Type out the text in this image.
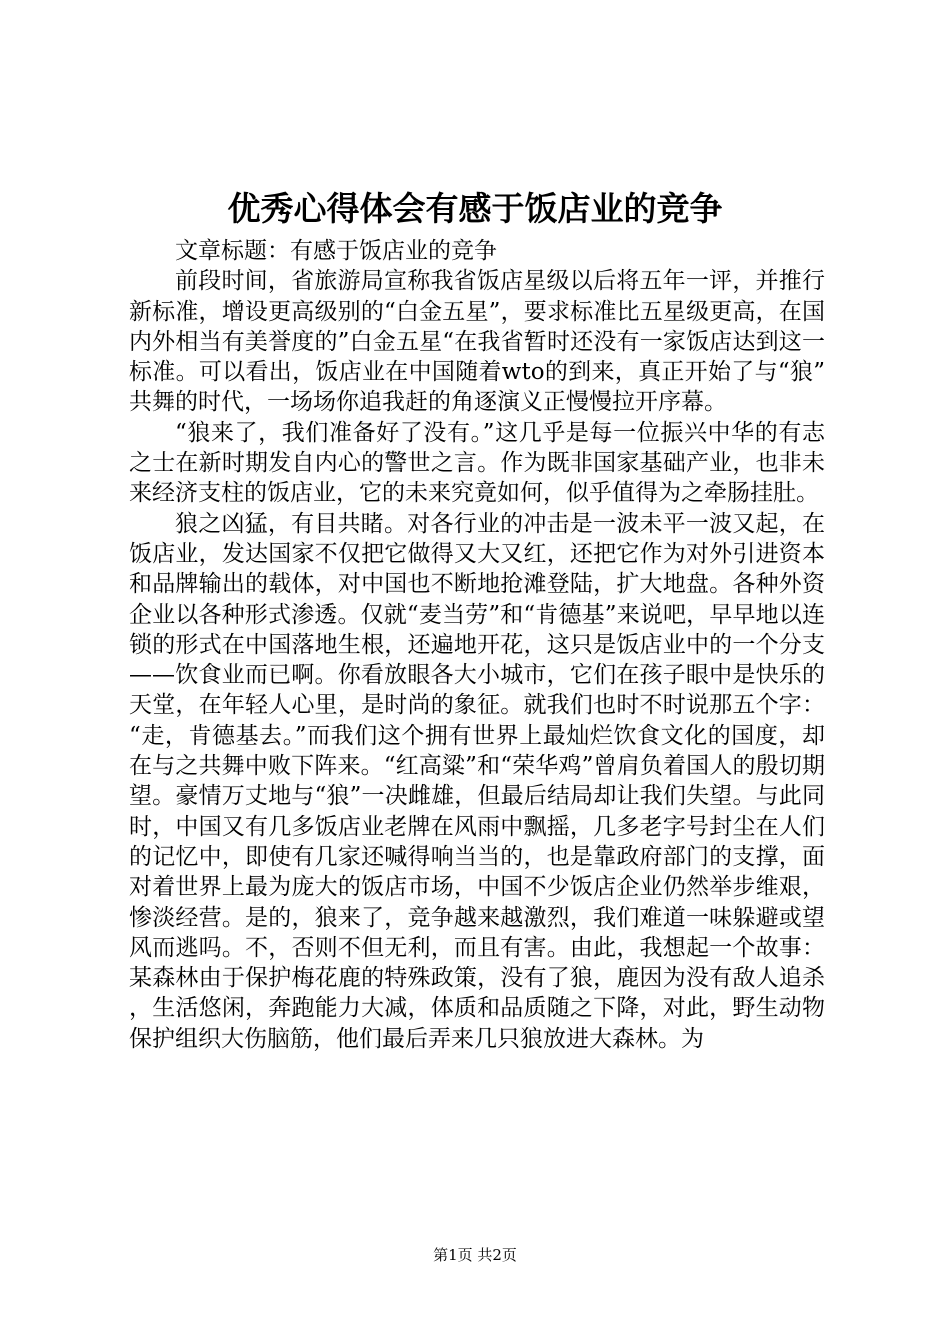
优秀心得体会有感于饭店业的竞争

文章标题：有感于饭店业的竞争

前段时间，省旅游局宣称我省饭店星级以后将五年一评，并推行新标准，增设更高级别的“白金五星”，要求标准比五星级更高，在国内外相当有美誉度的”白金五星“在我省暂时还没有一家饭店达到这一标准。可以看出，饭店业在中国随着wto的到来，真正开始了与“狼”共舞的时代，一场场你追我赶的角逐演义正慢慢拉开序幕。

“狼来了，我们准备好了没有。”这几乎是每一位振兴中华的有志之士在新时期发自内心的警世之言。作为既非国家基础产业，也非未来经济支柱的饭店业，它的未来究竟如何，似乎值得为之牵肠挂肚。

狼之凶猛，有目共睹。对各行业的冲击是一波未平一波又起，在饭店业，发达国家不仅把它做得又大又红，还把它作为对外引进资本和品牌输出的载体，对中国也不断地抢滩登陆，扩大地盘。各种外资企业以各种形式渗透。仅就“麦当劳”和“肯德基”来说吧，早早地以连锁的形式在中国落地生根，还遍地开花，这只是饭店业中的一个分支——饮食业而已啊。你看放眼各大小城市，它们在孩子眼中是快乐的天堂，在年轻人心里，是时尚的象征。就我们也时不时说那五个字：“走，肯德基去。”而我们这个拥有世界上最灿烂饮食文化的国度，却在与之共舞中败下阵来。“红高粱”和“荣华鸡”曾肩负着国人的殷切期望。豪情万丈地与“狼”一决雌雄，但最后结局却让我们失望。与此同时，中国又有几多饭店业老牌在风雨中飘摇，几多老字号封尘在人们的记忆中，即使有几家还喊得响当当的，也是靠政府部门的支撑，面对着世界上最为庞大的饭店市场，中国不少饭店企业仍然举步维艰，惨淡经营。是的，狼来了，竞争越来越激烈，我们难道一味躲避或望风而逃吗。不，否则不但无利，而且有害。由此，我想起一个故事：某森林由于保护梅花鹿的特殊政策，没有了狼，鹿因为没有敌人追杀，生活悠闲，奔跑能力大减，体质和品质随之下降，对此，野生动物保护组织大伤脑筋，他们最后弄来几只狼放进大森林。为

第1页 共2页
